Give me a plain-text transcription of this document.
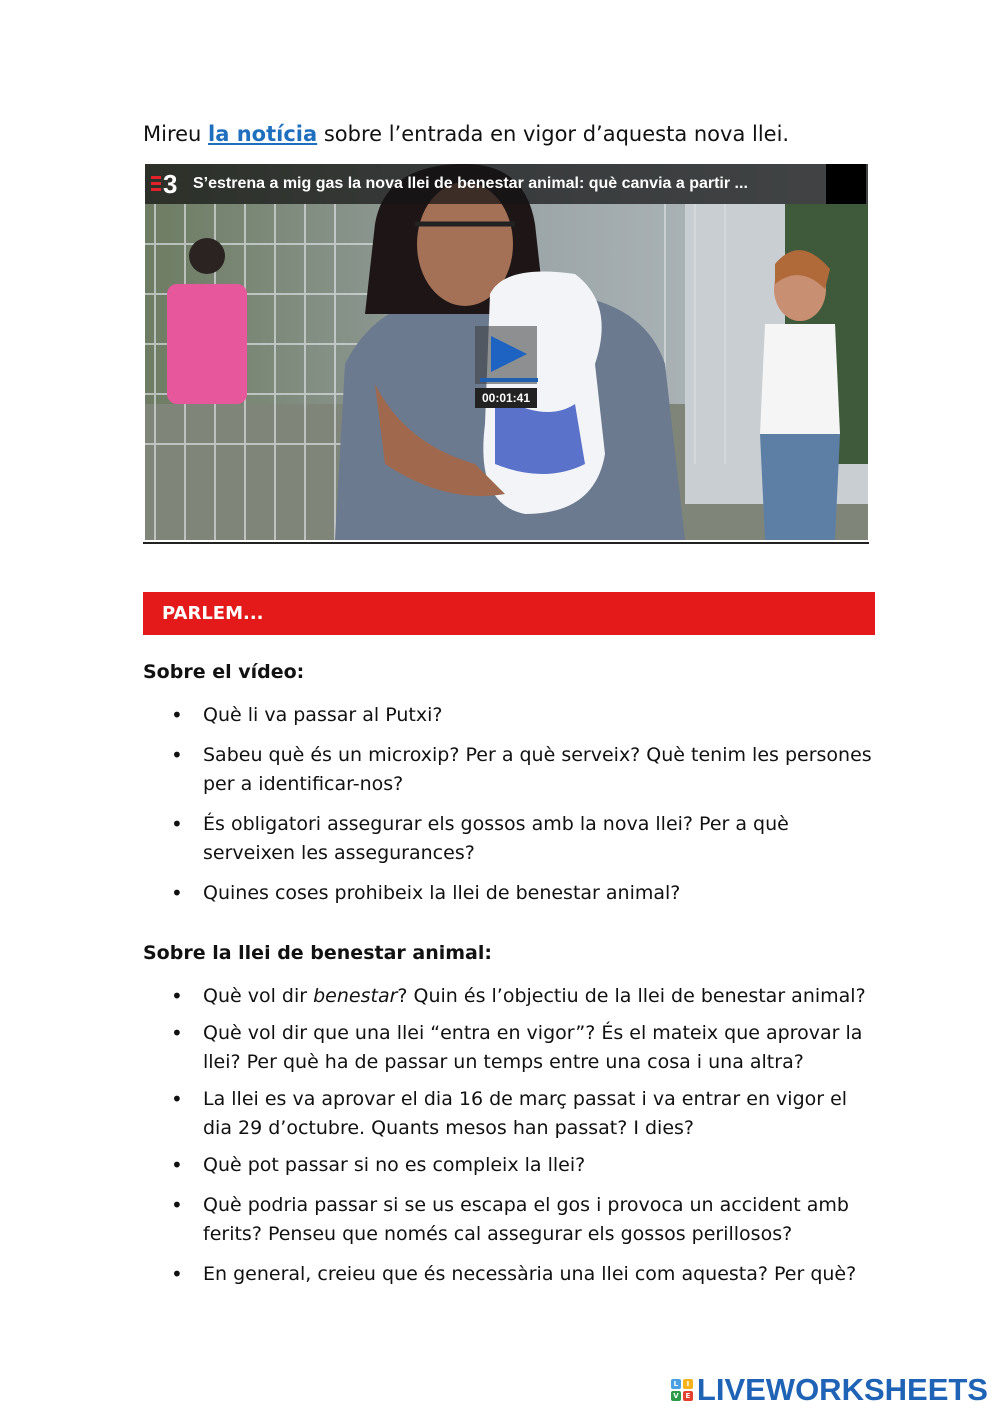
Mireu la notícia sobre l’entrada en vigor d’aquesta nova llei.
3 S’estrena a mig gas la nova llei de benestar animal: què canvia a partir ...
00:01:41
PARLEM...
Sobre el vídeo:
• Què li va passar al Putxi?
• Sabeu què és un microxip? Per a què serveix? Què tenim les persones per a identificar-nos?
• És obligatori assegurar els gossos amb la nova llei? Per a què serveixen les assegurances?
• Quines coses prohibeix la llei de benestar animal?
Sobre la llei de benestar animal:
• Què vol dir benestar? Quin és l’objectiu de la llei de benestar animal?
• Què vol dir que una llei “entra en vigor”? És el mateix que aprovar la llei? Per què ha de passar un temps entre una cosa i una altra?
• La llei es va aprovar el dia 16 de març passat i va entrar en vigor el dia 29 d’octubre. Quants mesos han passat? I dies?
• Què pot passar si no es compleix la llei?
• Què podria passar si se us escapa el gos i provoca un accident amb ferits? Penseu que només cal assegurar els gossos perillosos?
• En general, creieu que és necessària una llei com aquesta? Per què?
L	I
V E LIVEWORKSHEETS
